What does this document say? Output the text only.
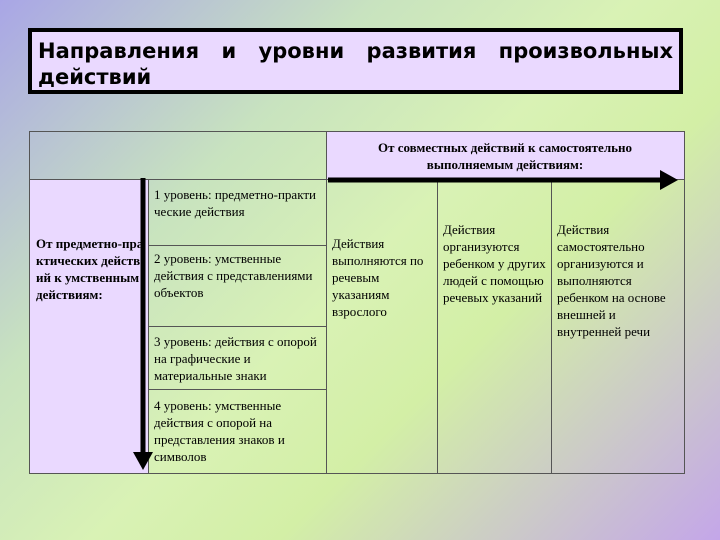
Направления и уровни развития произвольных действий
От совместных действий к самостоятельно выполняемым действиям:
От предметно-практических действий к умственным действиям:
1 уровень: предметно-практические действия
2 уровень: умственные действия с представлениями объектов
3 уровень: действия с опорой на графические и материальные знаки
4 уровень: умственные действия с опорой на представления знаков и символов
Действия выполняются по речевым указаниям взрослого
Действия организуются ребенком у других людей с помощью речевых указаний
Действия самостоятельно организуются и выполняются ребенком на основе внешней и внутренней речи
